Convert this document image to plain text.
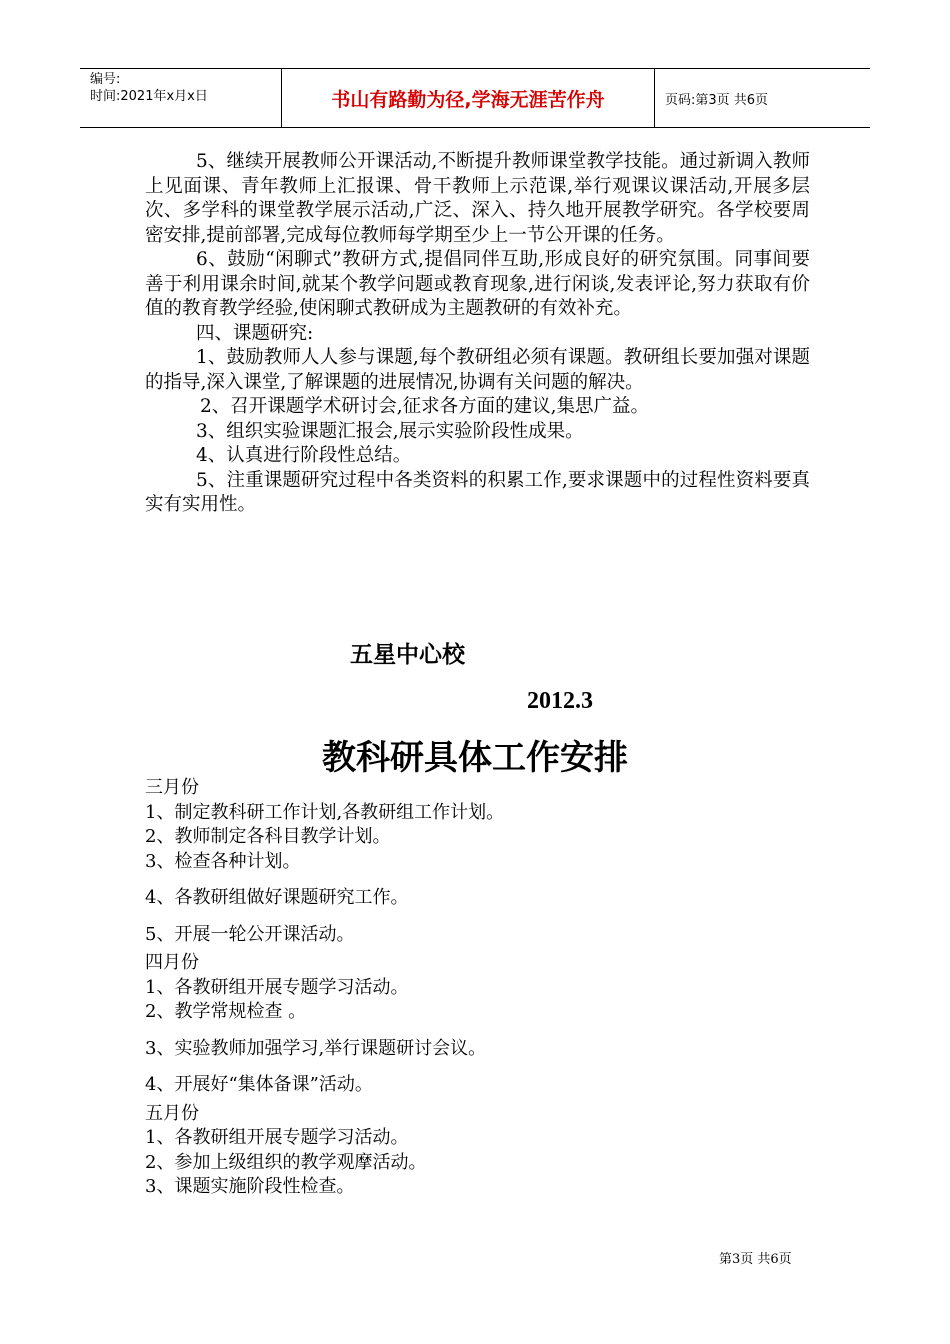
编号:
时间:2021年x月x日	书山有路勤为径,学海无涯苦作舟	页码:第3页 共6页

5、继续开展教师公开课活动,不断提升教师课堂教学技能。通过新调入教师上见面课、青年教师上汇报课、骨干教师上示范课,举行观课议课活动,开展多层次、多学科的课堂教学展示活动,广泛、深入、持久地开展教学研究。各学校要周密安排,提前部署,完成每位教师每学期至少上一节公开课的任务。

6、鼓励“闲聊式”教研方式,提倡同伴互助,形成良好的研究氛围。同事间要善于利用课余时间,就某个教学问题或教育现象,进行闲谈,发表评论,努力获取有价值的教育教学经验,使闲聊式教研成为主题教研的有效补充。

四、课题研究:

1、鼓励教师人人参与课题,每个教研组必须有课题。教研组长要加强对课题的指导,深入课堂,了解课题的进展情况,协调有关问题的解决。

2、召开课题学术研讨会,征求各方面的建议,集思广益。

3、组织实验课题汇报会,展示实验阶段性成果。

4、认真进行阶段性总结。

5、注重课题研究过程中各类资料的积累工作,要求课题中的过程性资料要真实有实用性。

五星中心校
2012.3
教科研具体工作安排
三月份
1、制定教科研工作计划,各教研组工作计划。
2、教师制定各科目教学计划。
3、检查各种计划。
4、各教研组做好课题研究工作。
5、开展一轮公开课活动。
四月份
1、各教研组开展专题学习活动。
2、教学常规检查 。
3、实验教师加强学习,举行课题研讨会议。
4、开展好“集体备课”活动。
五月份
1、各教研组开展专题学习活动。
2、参加上级组织的教学观摩活动。
3、课题实施阶段性检查。
第3页 共6页
